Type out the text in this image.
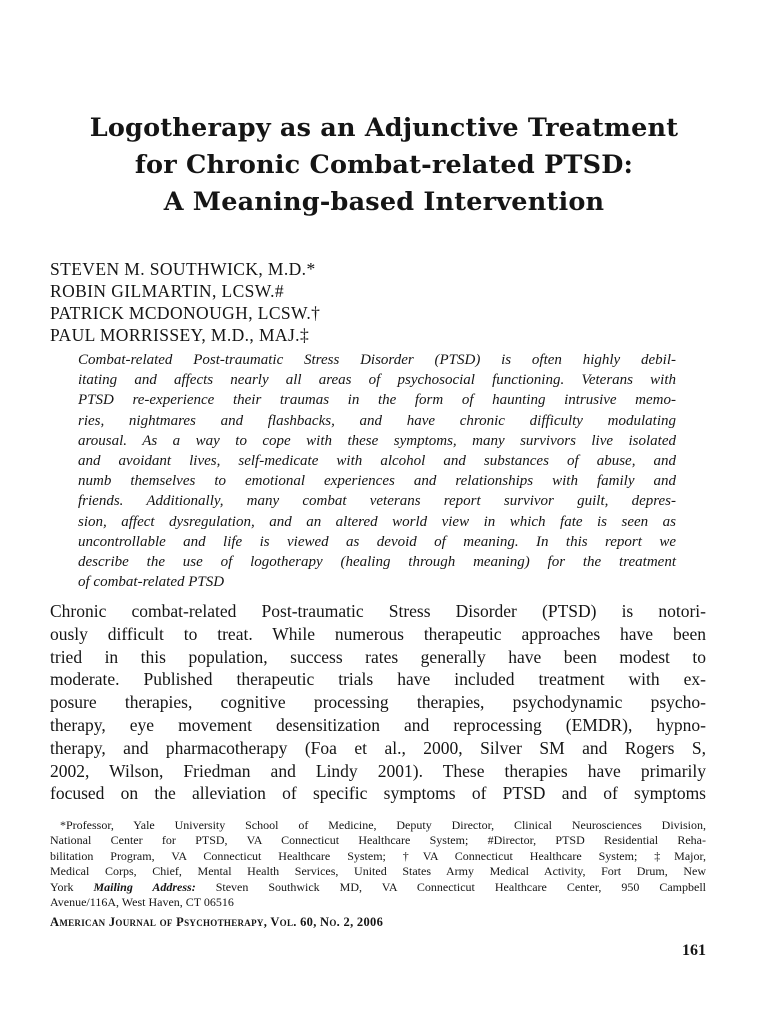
Logotherapy as an Adjunctive Treatment
for Chronic Combat-related PTSD:
A Meaning-based Intervention
STEVEN M. SOUTHWICK, M.D.*
ROBIN GILMARTIN, LCSW.#
PATRICK MCDONOUGH, LCSW.†
PAUL MORRISSEY, M.D., MAJ.‡
Combat-related Post-traumatic Stress Disorder (PTSD) is often highly debil-
itating and affects nearly all areas of psychosocial functioning. Veterans with
PTSD re-experience their traumas in the form of haunting intrusive memo-
ries, nightmares and flashbacks, and have chronic difficulty modulating
arousal. As a way to cope with these symptoms, many survivors live isolated
and avoidant lives, self-medicate with alcohol and substances of abuse, and
numb themselves to emotional experiences and relationships with family and
friends. Additionally, many combat veterans report survivor guilt, depres-
sion, affect dysregulation, and an altered world view in which fate is seen as
uncontrollable and life is viewed as devoid of meaning. In this report we
describe the use of logotherapy (healing through meaning) for the treatment
of combat-related PTSD
Chronic combat-related Post-traumatic Stress Disorder (PTSD) is notori-
ously difficult to treat. While numerous therapeutic approaches have been
tried in this population, success rates generally have been modest to
moderate. Published therapeutic trials have included treatment with ex-
posure therapies, cognitive processing therapies, psychodynamic psycho-
therapy, eye movement desensitization and reprocessing (EMDR), hypno-
therapy, and pharmacotherapy (Foa et al., 2000, Silver SM and Rogers S,
2002, Wilson, Friedman and Lindy 2001). These therapies have primarily
focused on the alleviation of specific symptoms of PTSD and of symptoms
*Professor, Yale University School of Medicine, Deputy Director, Clinical Neurosciences Division,
National Center for PTSD, VA Connecticut Healthcare System; #Director, PTSD Residential Reha-
bilitation Program, VA Connecticut Healthcare System; †VA Connecticut Healthcare System; ‡Major,
Medical Corps, Chief, Mental Health Services, United States Army Medical Activity, Fort Drum, New
York Mailing Address: Steven Southwick MD, VA Connecticut Healthcare Center, 950 Campbell
Avenue/116A, West Haven, CT 06516
American Journal of Psychotherapy, Vol. 60, No. 2, 2006
161
